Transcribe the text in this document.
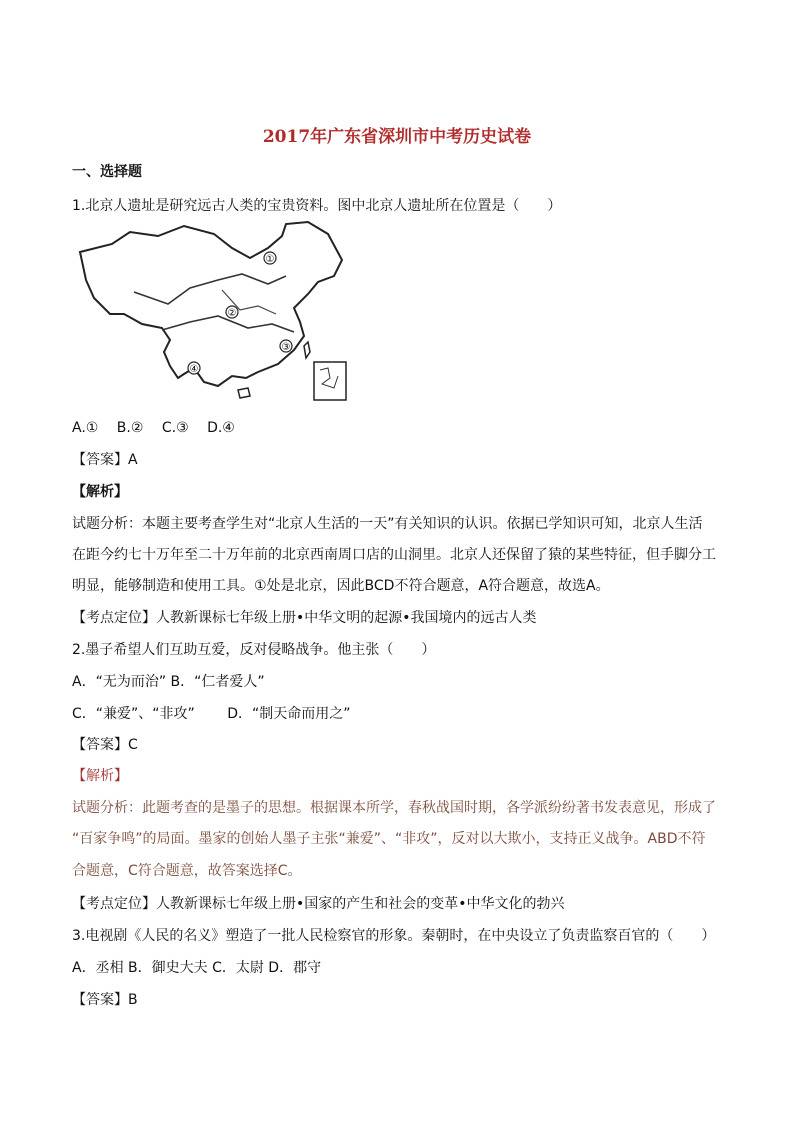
2017年广东省深圳市中考历史试卷
一、选择题
1.北京人遗址是研究远古人类的宝贵资料。图中北京人遗址所在位置是（　　）
①
②
③
④
A.①　 B.②　 C.③　 D.④
【答案】A
【解析】
试题分析：本题主要考查学生对“北京人生活的一天”有关知识的认识。依据已学知识可知，北京人生活
在距今约七十万年至二十万年前的北京西南周口店的山洞里。北京人还保留了猿的某些特征，但手脚分工
明显，能够制造和使用工具。①处是北京，因此BCD不符合题意，A符合题意，故选A。
【考点定位】人教新课标七年级上册•中华文明的起源•我国境内的远古人类
2.墨子希望人们互助互爱，反对侵略战争。他主张（　　）
A．“无为而治” B．“仁者爱人”
C．“兼爱”、“非攻”　　 D．“制天命而用之”
【答案】C
【解析】
试题分析：此题考查的是墨子的思想。根据课本所学，春秋战国时期，各学派纷纷著书发表意见，形成了
“百家争鸣”的局面。墨家的创始人墨子主张“兼爱”、“非攻”，反对以大欺小，支持正义战争。ABD不符
合题意，C符合题意，故答案选择C。
【考点定位】人教新课标七年级上册•国家的产生和社会的变革•中华文化的勃兴
3.电视剧《人民的名义》塑造了一批人民检察官的形象。秦朝时，在中央设立了负责监察百官的（　　）
A．丞相 B．御史大夫 C．太尉 D．郡守
【答案】B
